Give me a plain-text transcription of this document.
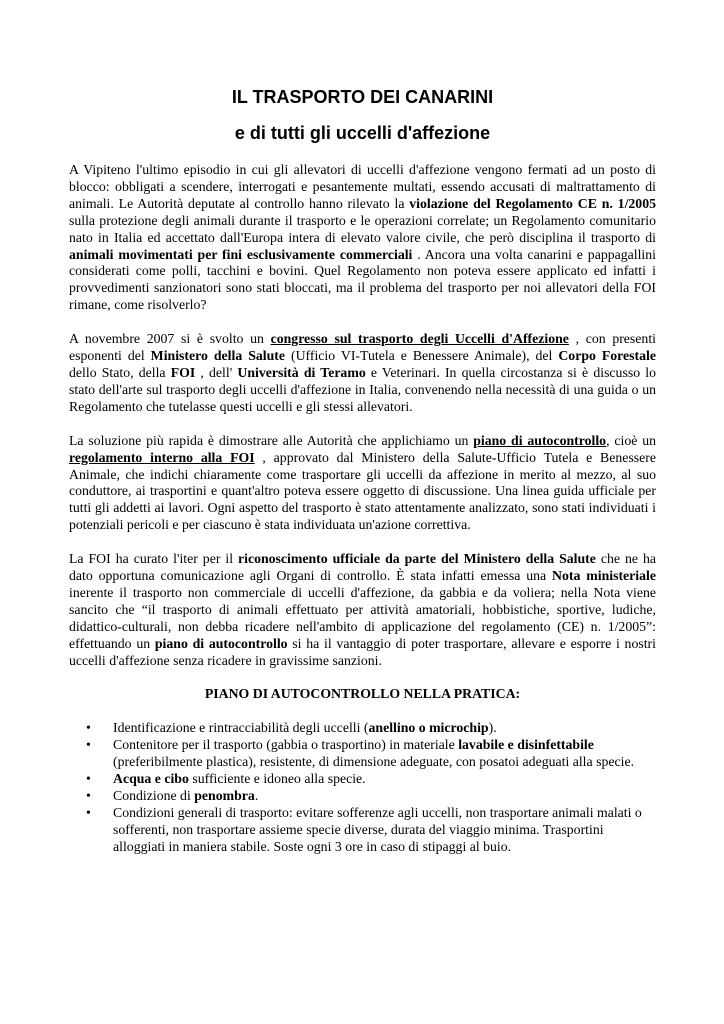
IL TRASPORTO DEI CANARINI
e di tutti gli uccelli d'affezione

A Vipiteno l'ultimo episodio in cui gli allevatori di uccelli d'affezione vengono fermati ad un posto di blocco: obbligati a scendere, interrogati e pesantemente multati, essendo accusati di maltrattamento di animali. Le Autorità deputate al controllo hanno rilevato la violazione del Regolamento CE n. 1/2005 sulla protezione degli animali durante il trasporto e le operazioni correlate; un Regolamento comunitario nato in Italia ed accettato dall'Europa intera di elevato valore civile, che però disciplina il trasporto di animali movimentati per fini esclusivamente commerciali . Ancora una volta canarini e pappagallini considerati come polli, tacchini e bovini. Quel Regolamento non poteva essere applicato ed infatti i provvedimenti sanzionatori sono stati bloccati, ma il problema del trasporto per noi allevatori della FOI rimane, come risolverlo?

A novembre 2007 si è svolto un congresso sul trasporto degli Uccelli d'Affezione , con presenti esponenti del Ministero della Salute (Ufficio VI-Tutela e Benessere Animale), del Corpo Forestale dello Stato, della FOI , dell' Università di Teramo e Veterinari. In quella circostanza si è discusso lo stato dell'arte sul trasporto degli uccelli d'affezione in Italia, convenendo nella necessità di una guida o un Regolamento che tutelasse questi uccelli e gli stessi allevatori.

La soluzione più rapida è dimostrare alle Autorità che applichiamo un piano di autocontrollo, cioè un regolamento interno alla FOI , approvato dal Ministero della Salute-Ufficio Tutela e Benessere Animale, che indichi chiaramente come trasportare gli uccelli da affezione in merito al mezzo, al suo conduttore, ai trasportini e quant'altro poteva essere oggetto di discussione. Una linea guida ufficiale per tutti gli addetti ai lavori. Ogni aspetto del trasporto è stato attentamente analizzato, sono stati individuati i potenziali pericoli e per ciascuno è stata individuata un'azione correttiva.

La FOI ha curato l'iter per il riconoscimento ufficiale da parte del Ministero della Salute che ne ha dato opportuna comunicazione agli Organi di controllo. È stata infatti emessa una Nota ministeriale inerente il trasporto non commerciale di uccelli d'affezione, da gabbia e da voliera; nella Nota viene sancito che “il trasporto di animali effettuato per attività amatoriali, hobbistiche, sportive, ludiche, didattico-culturali, non debba ricadere nell'ambito di applicazione del regolamento (CE) n. 1/2005”: effettuando un piano di autocontrollo si ha il vantaggio di poter trasportare, allevare e esporre i nostri uccelli d'affezione senza ricadere in gravissime sanzioni.

PIANO DI AUTOCONTROLLO NELLA PRATICA:
• Identificazione e rintracciabilità degli uccelli (anellino o microchip).
• Contenitore per il trasporto (gabbia o trasportino) in materiale lavabile e disinfettabile (preferibilmente plastica), resistente, di dimensione adeguate, con posatoi adeguati alla specie.
• Acqua e cibo sufficiente e idoneo alla specie.
• Condizione di penombra.
• Condizioni generali di trasporto: evitare sofferenze agli uccelli, non trasportare animali malati o sofferenti, non trasportare assieme specie diverse, durata del viaggio minima. Trasportini alloggiati in maniera stabile. Soste ogni 3 ore in caso di stipaggi al buio.
